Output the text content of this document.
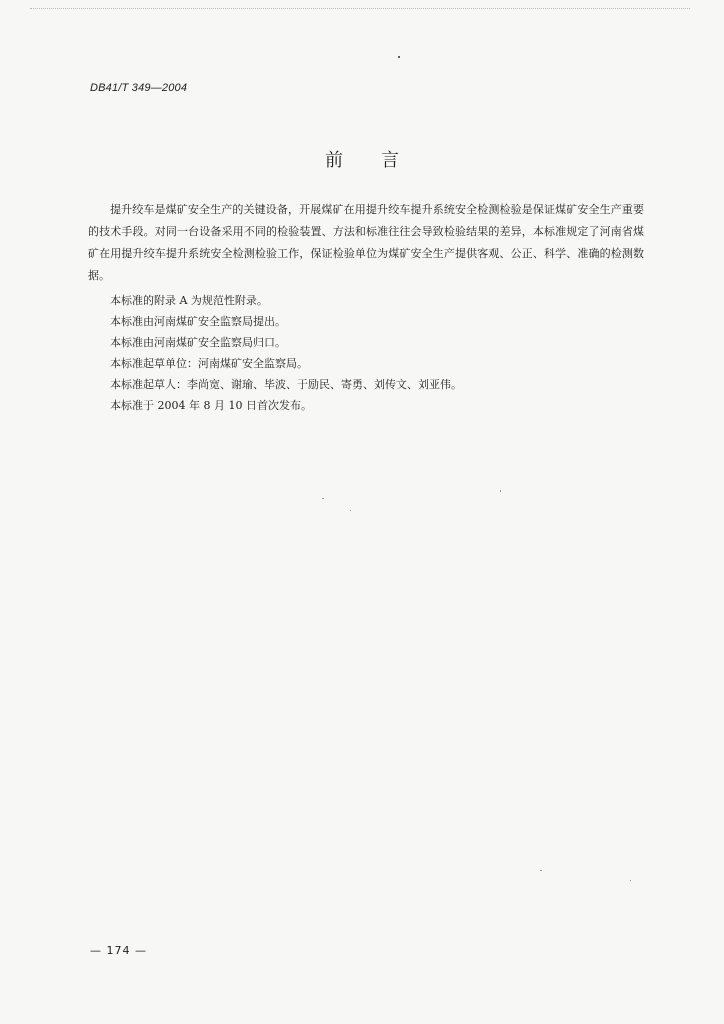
DB41/T 349—2004
前言

提升绞车是煤矿安全生产的关键设备，开展煤矿在用提升绞车提升系统安全检测检验是保证煤矿安全生产重要的技术手段。对同一台设备采用不同的检验装置、方法和标准往往会导致检验结果的差异，本标准规定了河南省煤矿在用提升绞车提升系统安全检测检验工作，保证检验单位为煤矿安全生产提供客观、公正、科学、准确的检测数据。

本标准的附录 A 为规范性附录。

本标准由河南煤矿安全监察局提出。

本标准由河南煤矿安全监察局归口。

本标准起草单位：河南煤矿安全监察局。

本标准起草人：李尚宽、谢瑜、毕波、于励民、寄勇、刘传文、刘亚伟。

本标准于 2004 年 8 月 10 日首次发布。

— 174 —
